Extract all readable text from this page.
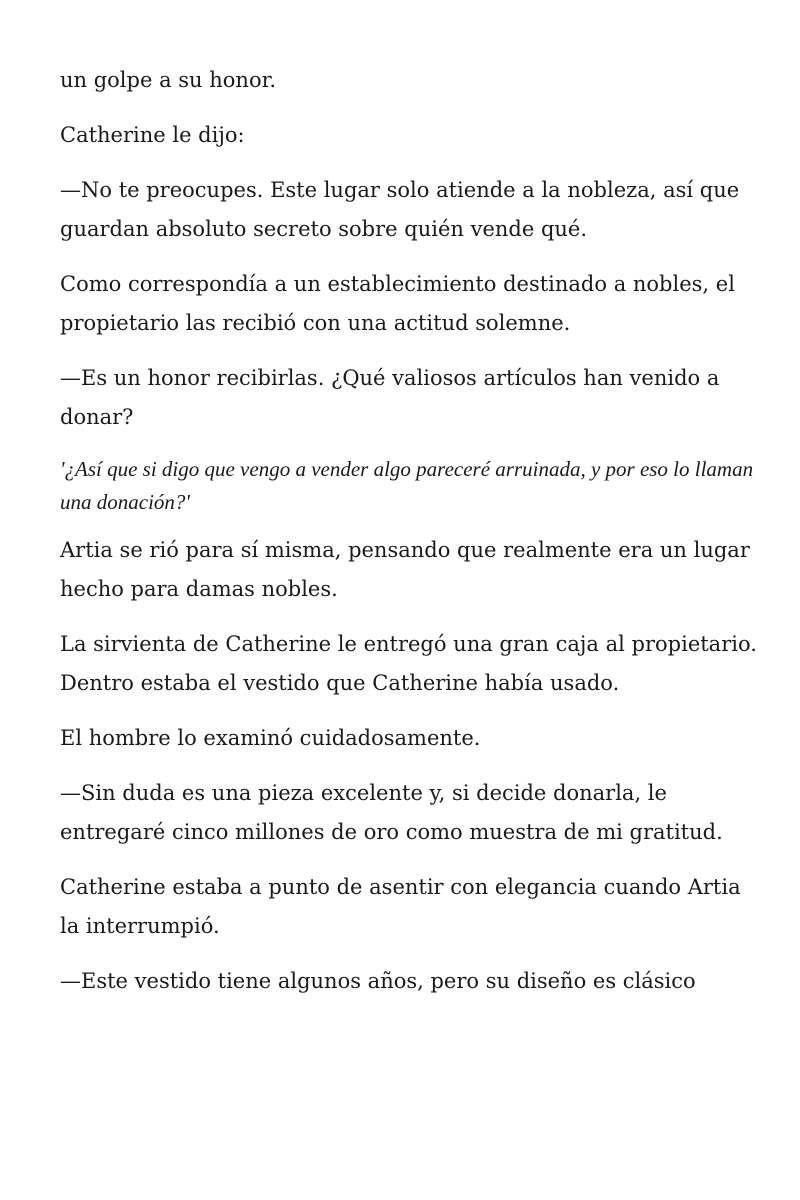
un golpe a su honor.

Catherine le dijo:

—No te preocupes. Este lugar solo atiende a la nobleza, así que guardan absoluto secreto sobre quién vende qué.

Como correspondía a un establecimiento destinado a nobles, el propietario las recibió con una actitud solemne.

—Es un honor recibirlas. ¿Qué valiosos artículos han venido a donar?

'¿Así que si digo que vengo a vender algo pareceré arruinada, y por eso lo llaman una donación?'

Artia se rió para sí misma, pensando que realmente era un lugar hecho para damas nobles.

La sirvienta de Catherine le entregó una gran caja al propietario. Dentro estaba el vestido que Catherine había usado.

El hombre lo examinó cuidadosamente.

—Sin duda es una pieza excelente y, si decide donarla, le entregaré cinco millones de oro como muestra de mi gratitud.

Catherine estaba a punto de asentir con elegancia cuando Artia la interrumpió.

—Este vestido tiene algunos años, pero su diseño es clásico
